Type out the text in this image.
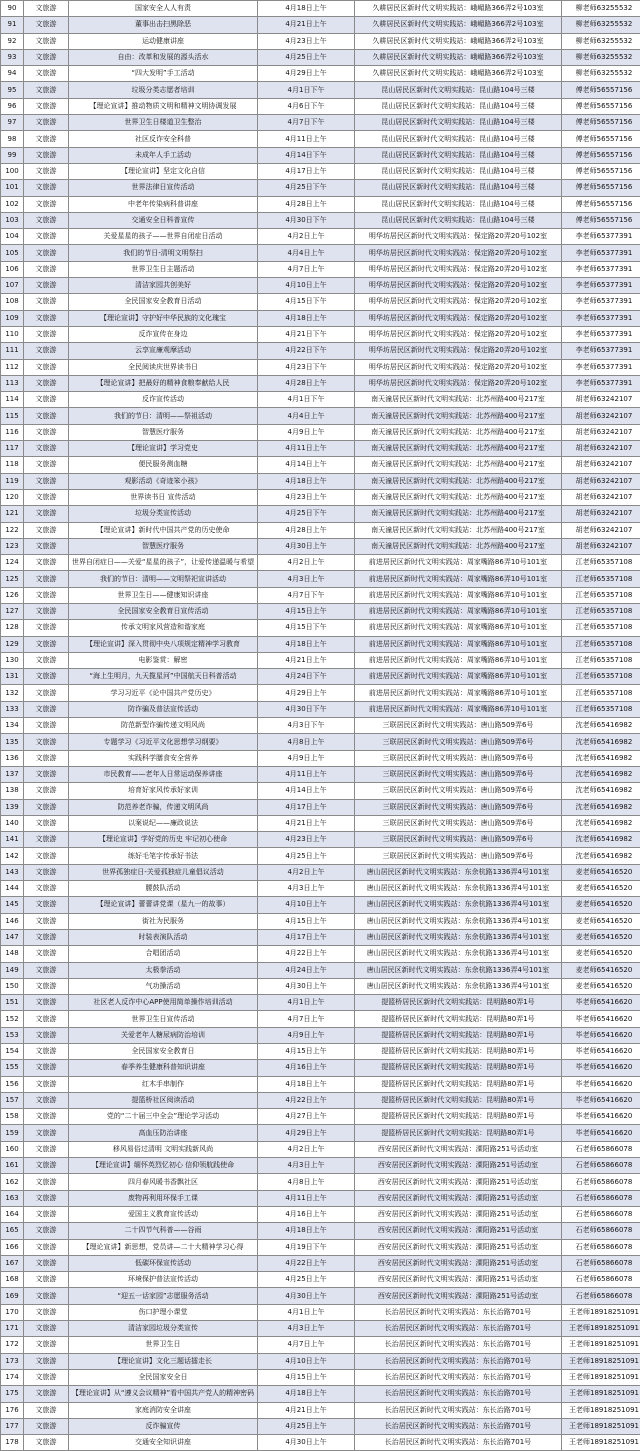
90	文旅游	国家安全人人有责	4月18日上午	久耕居民区新时代文明实践站：峨嵋路366弄2号103室	柳老师63255532
91	文旅游	董事出击扫黑除恶	4月21日上午	久耕居民区新时代文明实践站：峨嵋路366弄2号103室	柳老师63255532
92	文旅游	运动健康讲座	4月23日上午	久耕居民区新时代文明实践站：峨嵋路366弄2号103室	柳老师63255532
93	文旅游	自由：改革和发展的源头活水	4月25日上午	久耕居民区新时代文明实践站：峨嵋路366弄2号103室	柳老师63255532
94	文旅游	“四大发明”手工活动	4月29日上午	久耕居民区新时代文明实践站：峨嵋路366弄2号103室	柳老师63255532
95	文旅游	垃圾分类志愿者培训	4月1日下午	昆山居民区新时代文明实践站：昆山路104号三楼	傅老师56557156
96	文旅游	【理论宣讲】推动物质文明和精神文明协调发展	4月6日下午	昆山居民区新时代文明实践站：昆山路104号三楼	傅老师56557156
97	文旅游	世界卫生日楼道卫生整治	4月7日下午	昆山居民区新时代文明实践站：昆山路104号三楼	傅老师56557156
98	文旅游	社区反诈安全科普	4月11日上午	昆山居民区新时代文明实践站：昆山路104号三楼	傅老师56557156
99	文旅游	未成年人手工活动	4月14日下午	昆山居民区新时代文明实践站：昆山路104号三楼	傅老师56557156
100	文旅游	【理论宣讲】坚定文化自信	4月17日上午	昆山居民区新时代文明实践站：昆山路104号三楼	傅老师56557156
101	文旅游	世界法律日宣传活动	4月25日下午	昆山居民区新时代文明实践站：昆山路104号三楼	傅老师56557156
102	文旅游	中老年传染病科普讲座	4月28日上午	昆山居民区新时代文明实践站：昆山路104号三楼	傅老师56557156
103	文旅游	交通安全日科普宣传	4月30日下午	昆山居民区新时代文明实践站：昆山路104号三楼	傅老师56557156
104	文旅游	关爱星星的孩子——世界自闭症日活动	4月2日上午	明华坊居民区新时代文明实践站：保定路20弄20号102室	李老师65377391
105	文旅游	我们的节日-清明文明祭扫	4月4日上午	明华坊居民区新时代文明实践站：保定路20弄20号102室	李老师65377391
106	文旅游	世界卫生日主题活动	4月7日上午	明华坊居民区新时代文明实践站：保定路20弄20号102室	李老师65377391
107	文旅游	清洁家园共创美好	4月10日上午	明华坊居民区新时代文明实践站：保定路20弄20号102室	李老师65377391
108	文旅游	全民国家安全教育日活动	4月15日下午	明华坊居民区新时代文明实践站：保定路20弄20号102室	李老师65377391
109	文旅游	【理论宣讲】守护好中华民族的文化瑰宝	4月18日上午	明华坊居民区新时代文明实践站：保定路20弄20号102室	李老师65377391
110	文旅游	反诈宣传在身边	4月21日下午	明华坊居民区新时代文明实践站：保定路20弄20号102室	李老师65377391
111	文旅游	云享宣廉观摩活动	4月22日下午	明华坊居民区新时代文明实践站：保定路20弄20号102室	李老师65377391
112	文旅游	全民阅读庆世界读书日	4月23日下午	明华坊居民区新时代文明实践站：保定路20弄20号102室	李老师65377391
113	文旅游	【理论宣讲】把最好的精神食粮奉献给人民	4月28日上午	明华坊居民区新时代文明实践站：保定路20弄20号102室	李老师65377391
114	文旅游	反诈宣传活动	4月1日下午	南天潼居民区新时代文明实践站：北苏州路400号217室	胡老师63242107
115	文旅游	我们的节日：清明——祭祖活动	4月4日上午	南天潼居民区新时代文明实践站：北苏州路400号217室	胡老师63242107
116	文旅游	智慧医疗服务	4月9日上午	南天潼居民区新时代文明实践站：北苏州路400号217室	胡老师63242107
117	文旅游	【理论宣讲】学习党史	4月11日上午	南天潼居民区新时代文明实践站：北苏州路400号217室	胡老师63242107
118	文旅游	便民服务测血糖	4月14日上午	南天潼居民区新时代文明实践站：北苏州路400号217室	胡老师63242107
119	文旅游	观影活动《奇迹笨小孩》	4月18日上午	南天潼居民区新时代文明实践站：北苏州路400号217室	胡老师63242107
120	文旅游	世界读书日 宣传活动	4月23日上午	南天潼居民区新时代文明实践站：北苏州路400号217室	胡老师63242107
121	文旅游	垃圾分类宣传活动	4月25日下午	南天潼居民区新时代文明实践站：北苏州路400号217室	胡老师63242107
122	文旅游	【理论宣讲】新时代中国共产党的历史使命	4月28日上午	南天潼居民区新时代文明实践站：北苏州路400号217室	胡老师63242107
123	文旅游	智慧医疗服务	4月30日上午	南天潼居民区新时代文明实践站：北苏州路400号217室	胡老师63242107
124	文旅游	世界自闭症日——关爱“星星的孩子”，让爱传递温暖与希望	4月2日上午	前进居民区新时代文明实践站：周家嘴路86弄10号101室	江老师65357108
125	文旅游	我们的节日：清明——文明祭祀宣讲活动	4月3日上午	前进居民区新时代文明实践站：周家嘴路86弄10号101室	江老师65357108
126	文旅游	世界卫生日——健康知识讲座	4月7日下午	前进居民区新时代文明实践站：周家嘴路86弄10号101室	江老师65357108
127	文旅游	全民国家安全教育日宣传活动	4月15日上午	前进居民区新时代文明实践站：周家嘴路86弄10号101室	江老师65357108
128	文旅游	传承文明家风营造和谐家庭	4月15日下午	前进居民区新时代文明实践站：周家嘴路86弄10号101室	江老师65357108
129	文旅游	【理论宣讲】深入贯彻中央八项规定精神学习教育	4月18日上午	前进居民区新时代文明实践站：周家嘴路86弄10号101室	江老师65357108
130	文旅游	电影鉴赏：解密	4月21日上午	前进居民区新时代文明实践站：周家嘴路86弄10号101室	江老师65357108
131	文旅游	“海上生明月，九天揽星河”中国航天日科普活动	4月24日下午	前进居民区新时代文明实践站：周家嘴路86弄10号101室	江老师65357108
132	文旅游	学习习近平《论中国共产党历史》	4月29日上午	前进居民区新时代文明实践站：周家嘴路86弄10号101室	江老师65357108
133	文旅游	防诈骗及普法宣传活动	4月30日下午	前进居民区新时代文明实践站：周家嘴路86弄10号101室	江老师65357108
134	文旅游	防范新型诈骗传递文明风尚	4月3日下午	三联居民区新时代文明实践站：唐山路509弄6号	沈老师65416982
135	文旅游	专题学习《习近平文化思想学习纲要》	4月8日上午	三联居民区新时代文明实践站：唐山路509弄6号	沈老师65416982
136	文旅游	实践科学膳食安全营养	4月9日上午	三联居民区新时代文明实践站：唐山路509弄6号	沈老师65416982
137	文旅游	市民教育——老年人日常运动保养讲座	4月11日上午	三联居民区新时代文明实践站：唐山路509弄6号	沈老师65416982
138	文旅游	培育好家风传承好家训	4月14日上午	三联居民区新时代文明实践站：唐山路509弄6号	沈老师65416982
139	文旅游	防范养老诈骗，传递文明风尚	4月17日上午	三联居民区新时代文明实践站：唐山路509弄6号	沈老师65416982
140	文旅游	以案说纪——廉政说法	4月21日上午	三联居民区新时代文明实践站：唐山路509弄6号	沈老师65416982
141	文旅游	【理论宣讲】学好党的历史 牢记初心使命	4月23日上午	三联居民区新时代文明实践站：唐山路509弄6号	沈老师65416982
142	文旅游	练好毛笔字传承好书法	4月25日上午	三联居民区新时代文明实践站：唐山路509弄6号	沈老师65416982
143	文旅游	世界孤独症日-关爱孤独症儿童倡议活动	4月2日上午	唐山居民区新时代文明实践站：东余杭路1336弄4号101室	麦老师65416520
144	文旅游	腰鼓队活动	4月3日上午	唐山居民区新时代文明实践站：东余杭路1336弄4号101室	麦老师65416520
145	文旅游	【理论宣讲】蕾蕾讲党课（星九一的故事）	4月10日上午	唐山居民区新时代文明实践站：东余杭路1336弄4号101室	麦老师65416520
146	文旅游	街社为民服务	4月15日上午	唐山居民区新时代文明实践站：东余杭路1336弄4号101室	麦老师65416520
147	文旅游	时装表演队活动	4月17日上午	唐山居民区新时代文明实践站：东余杭路1336弄4号101室	麦老师65416520
148	文旅游	合唱团活动	4月22日上午	唐山居民区新时代文明实践站：东余杭路1336弄4号101室	麦老师65416520
149	文旅游	太极拳活动	4月24日上午	唐山居民区新时代文明实践站：东余杭路1336弄4号101室	麦老师65416520
150	文旅游	气功操活动	4月30日上午	唐山居民区新时代文明实践站：东余杭路1336弄4号101室	麦老师65416520
151	文旅游	社区老人反诈中心APP使用简单操作培训活动	4月1日上午	提篮桥居民区新时代文明实践站：昆明路80弄1号	毕老师65416620
152	文旅游	世界卫生日宣传活动	4月7日上午	提篮桥居民区新时代文明实践站：昆明路80弄1号	毕老师65416620
153	文旅游	关爱老年人糖尿病防治培训	4月9日上午	提篮桥居民区新时代文明实践站：昆明路80弄1号	毕老师65416620
154	文旅游	全民国家安全教育日	4月15日上午	提篮桥居民区新时代文明实践站：昆明路80弄1号	毕老师65416620
155	文旅游	春季养生健康科普知识讲座	4月16日上午	提篮桥居民区新时代文明实践站：昆明路80弄1号	毕老师65416620
156	文旅游	红木手串制作	4月18日上午	提篮桥居民区新时代文明实践站：昆明路80弄1号	毕老师65416620
157	文旅游	提篮桥社区阅读活动	4月22日上午	提篮桥居民区新时代文明实践站：昆明路80弄1号	毕老师65416620
158	文旅游	党的“二十届三中全会”理论学习活动	4月27日上午	提篮桥居民区新时代文明实践站：昆明路80弄1号	毕老师65416620
159	文旅游	高血压防治讲座	4月29日上午	提篮桥居民区新时代文明实践站：昆明路80弄1号	毕老师65416620
160	文旅游	移风易俗过清明 文明实践新风尚	4月2日上午	西安居民区新时代文明实践站：溧阳路251号活动室	石老师65866078
161	文旅游	【理论宣讲】缅怀英烈忆初心 信仰领航践使命	4月3日上午	西安居民区新时代文明实践站：溧阳路251号活动室	石老师65866078
162	文旅游	四月春风暖书香飘社区	4月8日上午	西安居民区新时代文明实践站：溧阳路251号活动室	石老师65866078
163	文旅游	废物再利用环保手工课	4月11日上午	西安居民区新时代文明实践站：溧阳路251号活动室	石老师65866078
164	文旅游	爱国主义教育宣传活动	4月16日上午	西安居民区新时代文明实践站：溧阳路251号活动室	石老师65866078
165	文旅游	二十四节气科普——谷雨	4月18日上午	西安居民区新时代文明实践站：溧阳路251号活动室	石老师65866078
166	文旅游	【理论宣讲】新思想，党员讲—二十大精神学习心得	4月19日下午	西安居民区新时代文明实践站：溧阳路251号活动室	石老师65866078
167	文旅游	低碳环保宣传活动	4月22日上午	西安居民区新时代文明实践站：溧阳路251号活动室	石老师65866078
168	文旅游	环境保护普法宣传活动	4月25日上午	西安居民区新时代文明实践站：溧阳路251号活动室	石老师65866078
169	文旅游	“迎五一话家园”志愿服务活动	4月30日上午	西安居民区新时代文明实践站：溧阳路251号活动室	石老师65866078
170	文旅游	伤口护理小课堂	4月1日上午	长治居民区新时代文明实践站：东长治路701号	王老师18918251091
171	文旅游	清洁家园垃圾分类宣传	4月3日上午	长治居民区新时代文明实践站：东长治路701号	王老师18918251091
172	文旅游	世界卫生日	4月7日上午	长治居民区新时代文明实践站：东长治路701号	王老师18918251091
173	文旅游	【理论宣讲】文化三题话擂走长	4月10日上午	长治居民区新时代文明实践站：东长治路701号	王老师18918251091
174	文旅游	全民国家安全日	4月15日上午	长治居民区新时代文明实践站：东长治路701号	王老师18918251091
175	文旅游	【理论宣讲】从“遵义会议精神”看中国共产党人的精神密码	4月18日上午	长治居民区新时代文明实践站：东长治路701号	王老师18918251091
176	文旅游	家庭消防安全讲座	4月21日上午	长治居民区新时代文明实践站：东长治路701号	王老师18918251091
177	文旅游	反诈骗宣传	4月25日上午	长治居民区新时代文明实践站：东长治路701号	王老师18918251091
178	文旅游	交通安全知识讲座	4月30日上午	长治居民区新时代文明实践站：东长治路701号	王老师18918251091
